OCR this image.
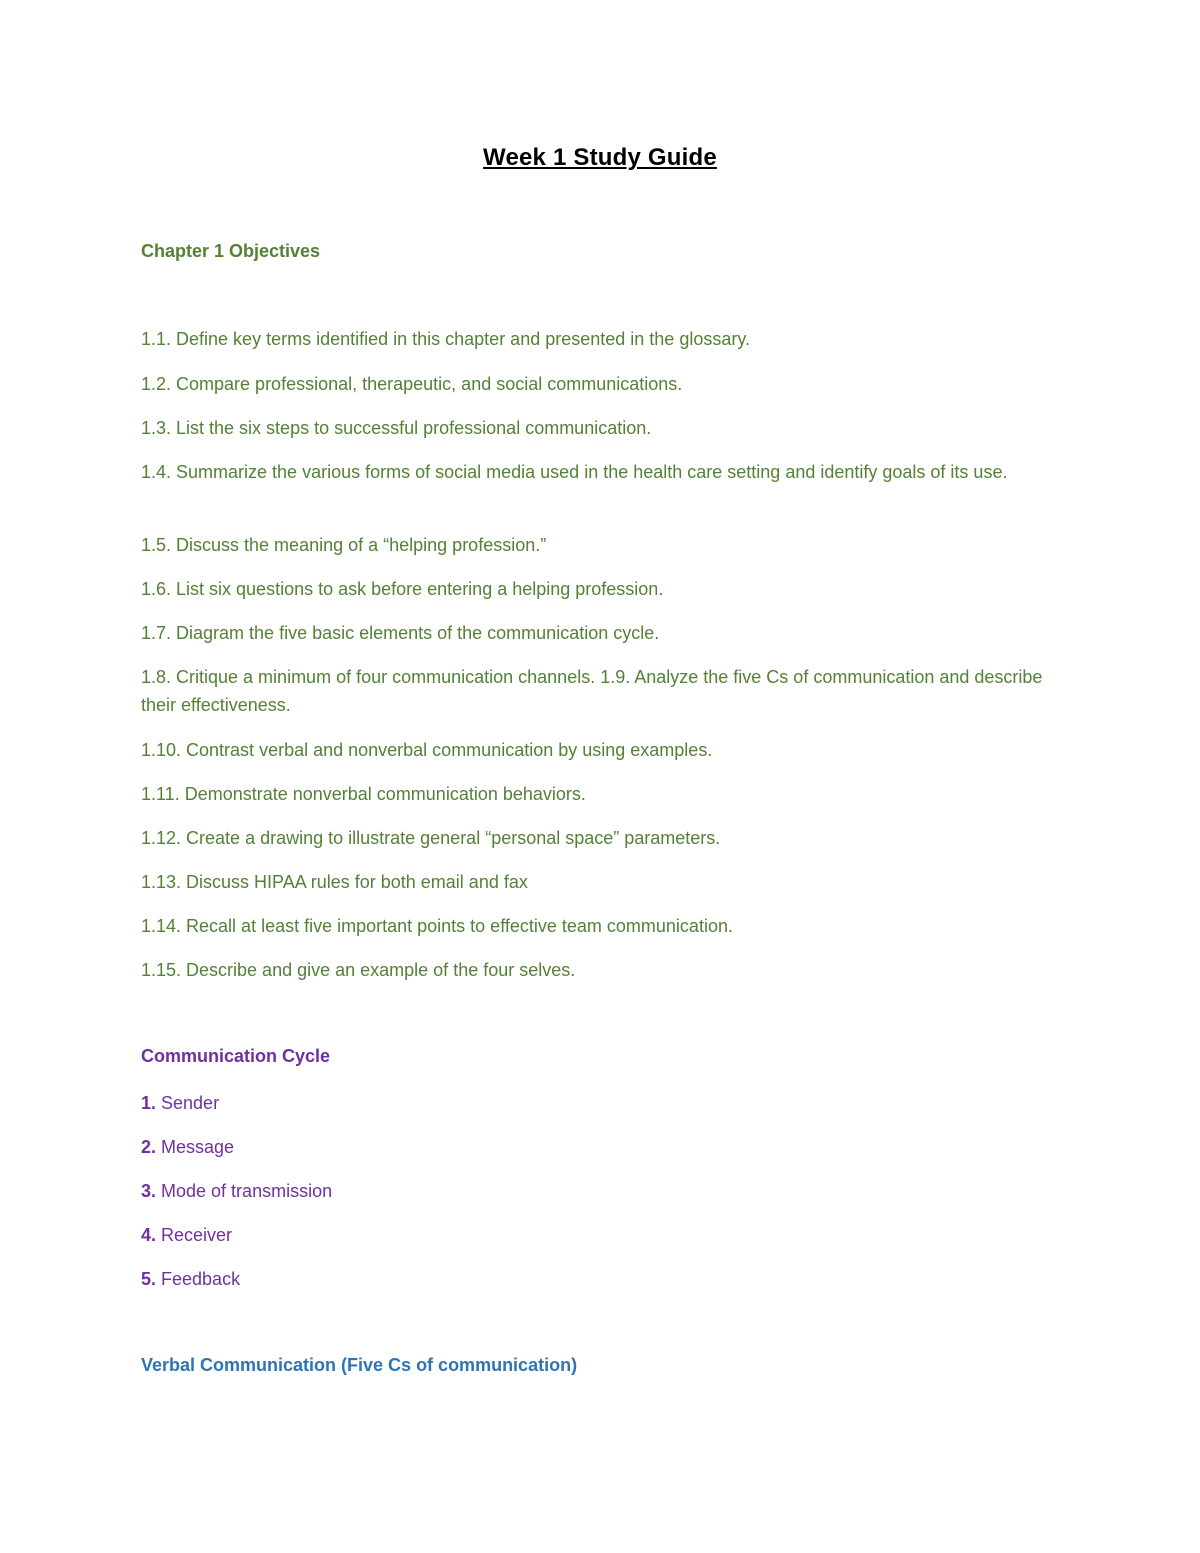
Week 1 Study Guide
Chapter 1 Objectives
1.1. Define key terms identified in this chapter and presented in the glossary.
1.2. Compare professional, therapeutic, and social communications.
1.3. List the six steps to successful professional communication.
1.4. Summarize the various forms of social media used in the health care setting and identify goals of its use.
1.5. Discuss the meaning of a “helping profession.”
1.6. List six questions to ask before entering a helping profession.
1.7. Diagram the five basic elements of the communication cycle.
1.8. Critique a minimum of four communication channels. 1.9. Analyze the five Cs of communication and describe their effectiveness.
1.10. Contrast verbal and nonverbal communication by using examples.
1.11. Demonstrate nonverbal communication behaviors.
1.12. Create a drawing to illustrate general “personal space” parameters.
1.13. Discuss HIPAA rules for both email and fax
1.14. Recall at least five important points to effective team communication.
1.15. Describe and give an example of the four selves.
Communication Cycle
1. Sender
2. Message
3. Mode of transmission
4. Receiver
5. Feedback
Verbal Communication (Five Cs of communication)
